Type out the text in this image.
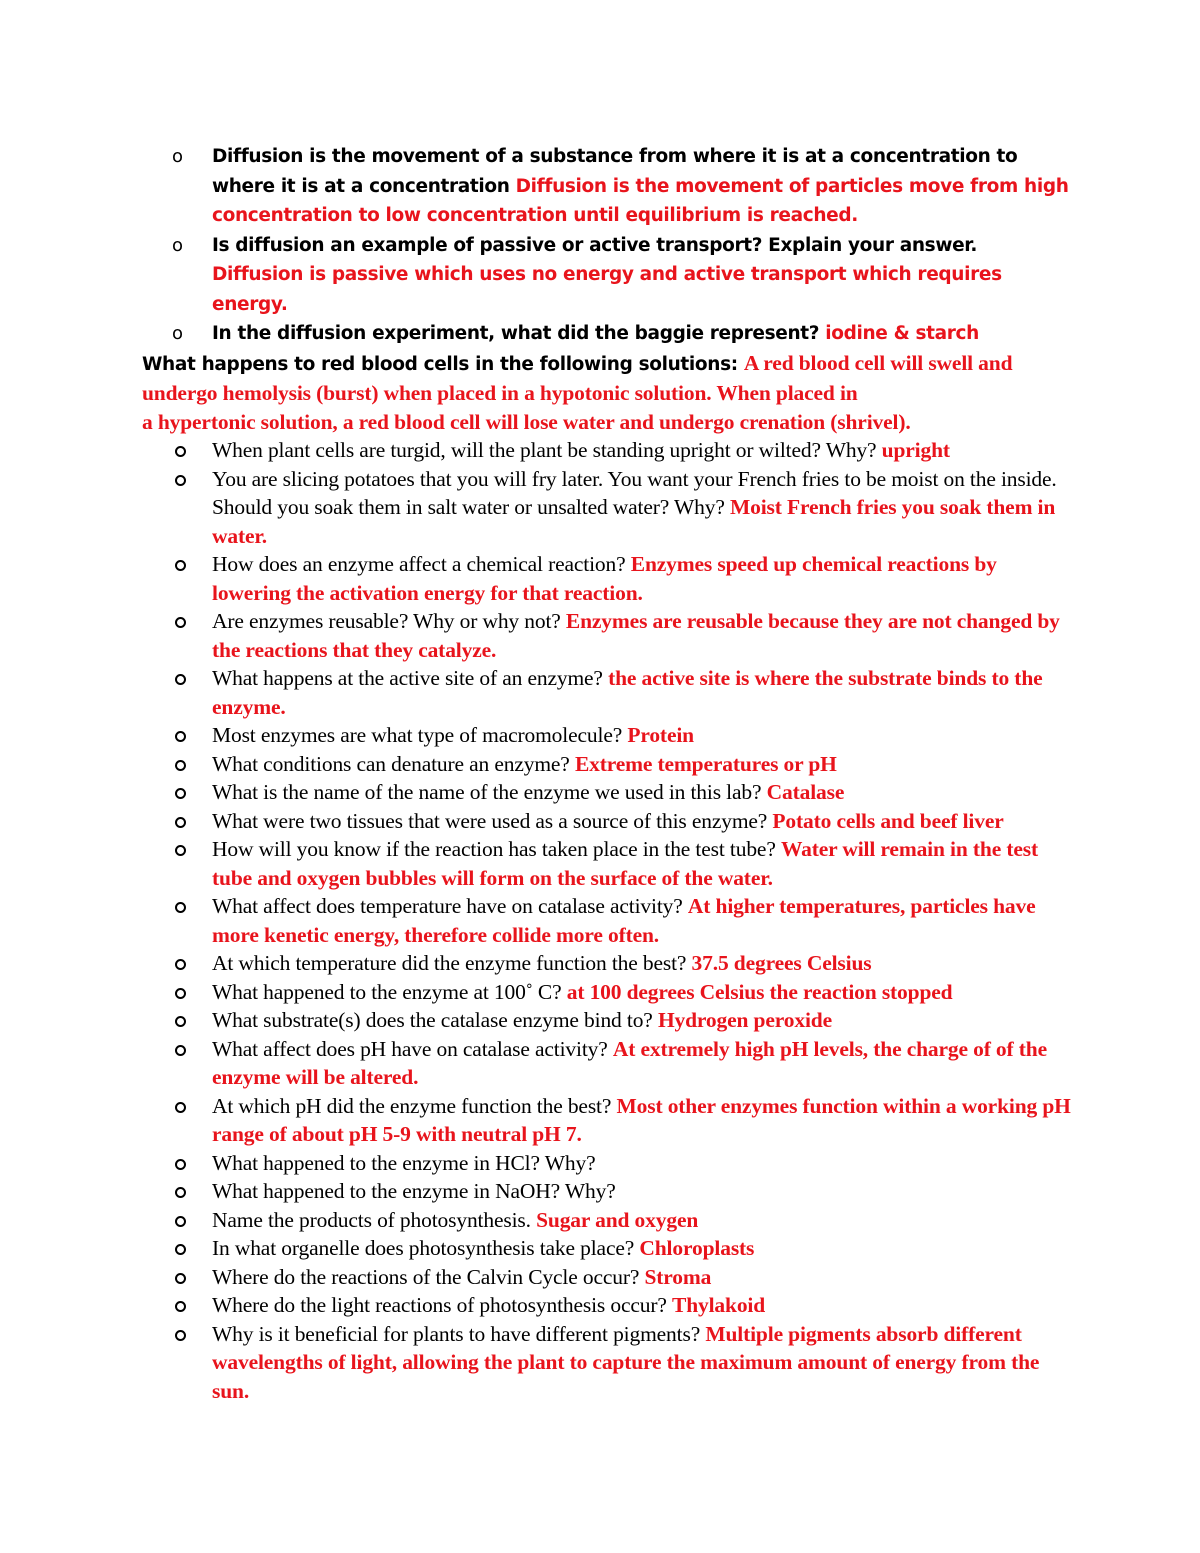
o Diffusion is the movement of a substance from where it is at a concentration to where it is at a concentration Diffusion is the movement of particles move from high concentration to low concentration until equilibrium is reached.
o Is diffusion an example of passive or active transport? Explain your answer. Diffusion is passive which uses no energy and active transport which requires energy.
o In the diffusion experiment, what did the baggie represent? iodine & starch
What happens to red blood cells in the following solutions: A red blood cell will swell and
undergo hemolysis (burst) when placed in a hypotonic solution. When placed in
a hypertonic solution, a red blood cell will lose water and undergo crenation (shrivel).
When plant cells are turgid, will the plant be standing upright or wilted? Why? upright
You are slicing potatoes that you will fry later. You want your French fries to be moist on the inside. Should you soak them in salt water or unsalted water? Why? Moist French fries you soak them in water.
How does an enzyme affect a chemical reaction? Enzymes speed up chemical reactions by lowering the activation energy for that reaction.
Are enzymes reusable? Why or why not? Enzymes are reusable because they are not changed by the reactions that they catalyze.
What happens at the active site of an enzyme? the active site is where the substrate binds to the enzyme.
Most enzymes are what type of macromolecule? Protein
What conditions can denature an enzyme? Extreme temperatures or pH
What is the name of the name of the enzyme we used in this lab? Catalase
What were two tissues that were used as a source of this enzyme? Potato cells and beef liver
How will you know if the reaction has taken place in the test tube? Water will remain in the test tube and oxygen bubbles will form on the surface of the water.
What affect does temperature have on catalase activity? At higher temperatures, particles have more kenetic energy, therefore collide more often.
At which temperature did the enzyme function the best? 37.5 degrees Celsius
What happened to the enzyme at 100˚ C? at 100 degrees Celsius the reaction stopped
What substrate(s) does the catalase enzyme bind to? Hydrogen peroxide
What affect does pH have on catalase activity? At extremely high pH levels, the charge of of the enzyme will be altered.
At which pH did the enzyme function the best? Most other enzymes function within a working pH range of about pH 5-9 with neutral pH 7.
What happened to the enzyme in HCl? Why?
What happened to the enzyme in NaOH? Why?
Name the products of photosynthesis. Sugar and oxygen
In what organelle does photosynthesis take place? Chloroplasts
Where do the reactions of the Calvin Cycle occur? Stroma
Where do the light reactions of photosynthesis occur? Thylakoid
Why is it beneficial for plants to have different pigments? Multiple pigments absorb different wavelengths of light, allowing the plant to capture the maximum amount of energy from the sun.
